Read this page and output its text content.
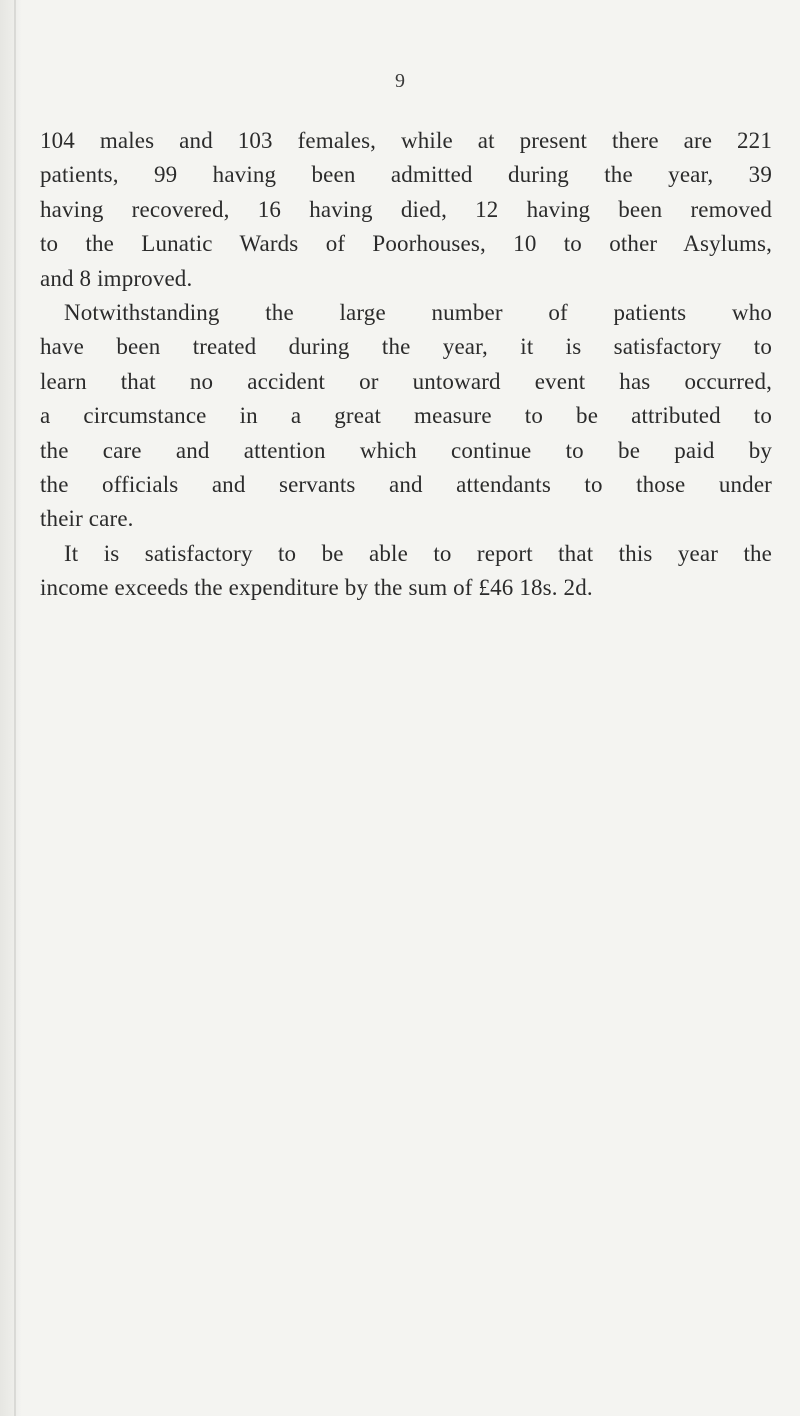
9
104 males and 103 females, while at present there are 221
patients, 99 having been admitted during the year, 39
having recovered, 16 having died, 12 having been removed
to the Lunatic Wards of Poorhouses, 10 to other Asylums,
and 8 improved.
Notwithstanding the large number of patients who
have been treated during the year, it is satisfactory to
learn that no accident or untoward event has occurred,
a circumstance in a great measure to be attributed to
the care and attention which continue to be paid by
the officials and servants and attendants to those under
their care.
It is satisfactory to be able to report that this year the
income exceeds the expenditure by the sum of £46 18s. 2d.
